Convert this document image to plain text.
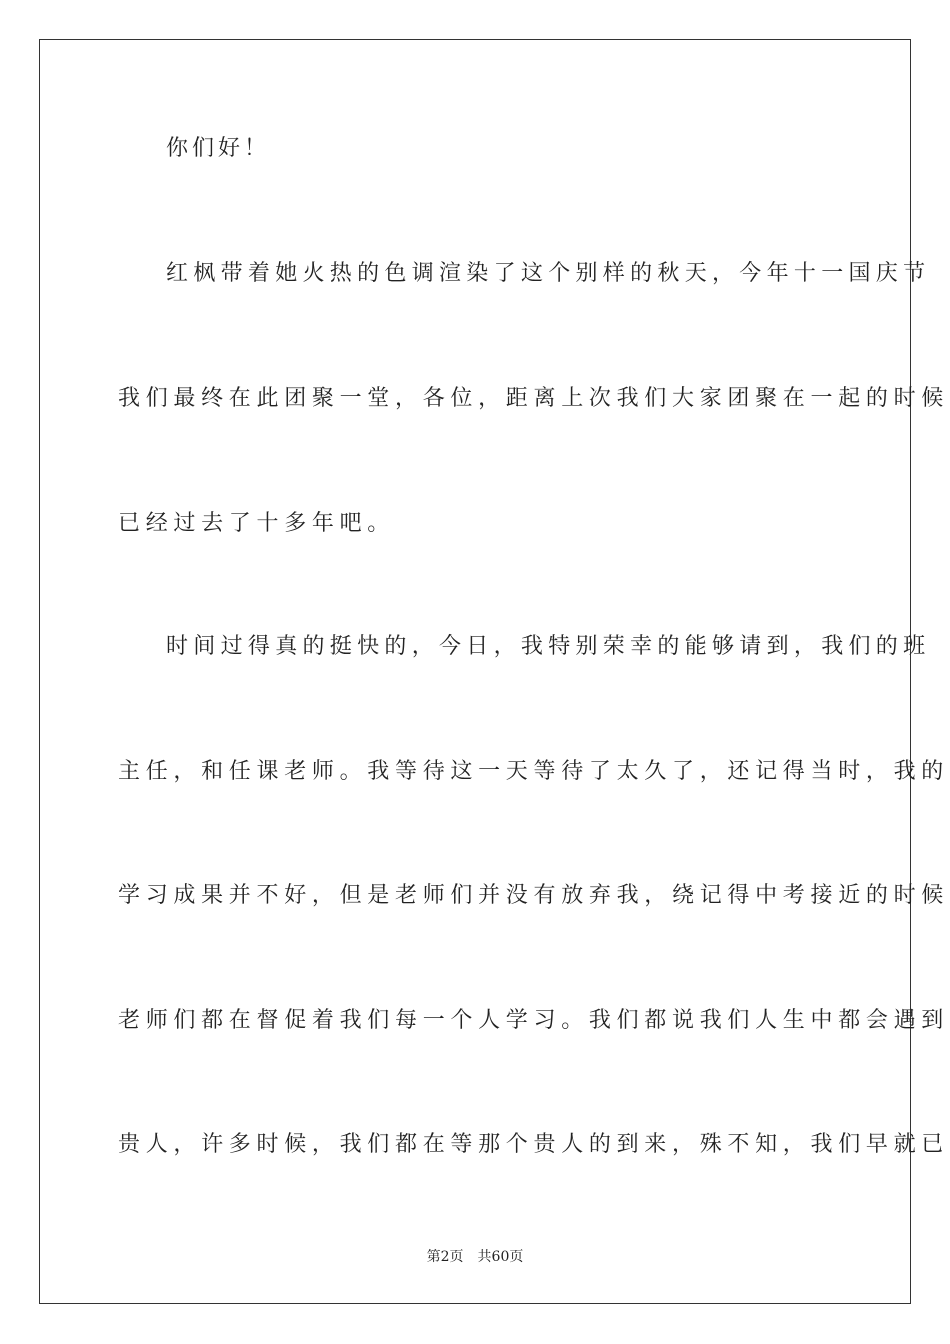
你们好！

红枫带着她火热的色调渲染了这个别样的秋天，今年十一国庆节

我们最终在此团聚一堂，各位，距离上次我们大家团聚在一起的时候

已经过去了十多年吧。

时间过得真的挺快的，今日，我特别荣幸的能够请到，我们的班

主任，和任课老师。我等待这一天等待了太久了，还记得当时，我的

学习成果并不好，但是老师们并没有放弃我，绕记得中考接近的时候

老师们都在督促着我们每一个人学习。我们都说我们人生中都会遇到

贵人，许多时候，我们都在等那个贵人的到来，殊不知，我们早就已

第2页 共60页
